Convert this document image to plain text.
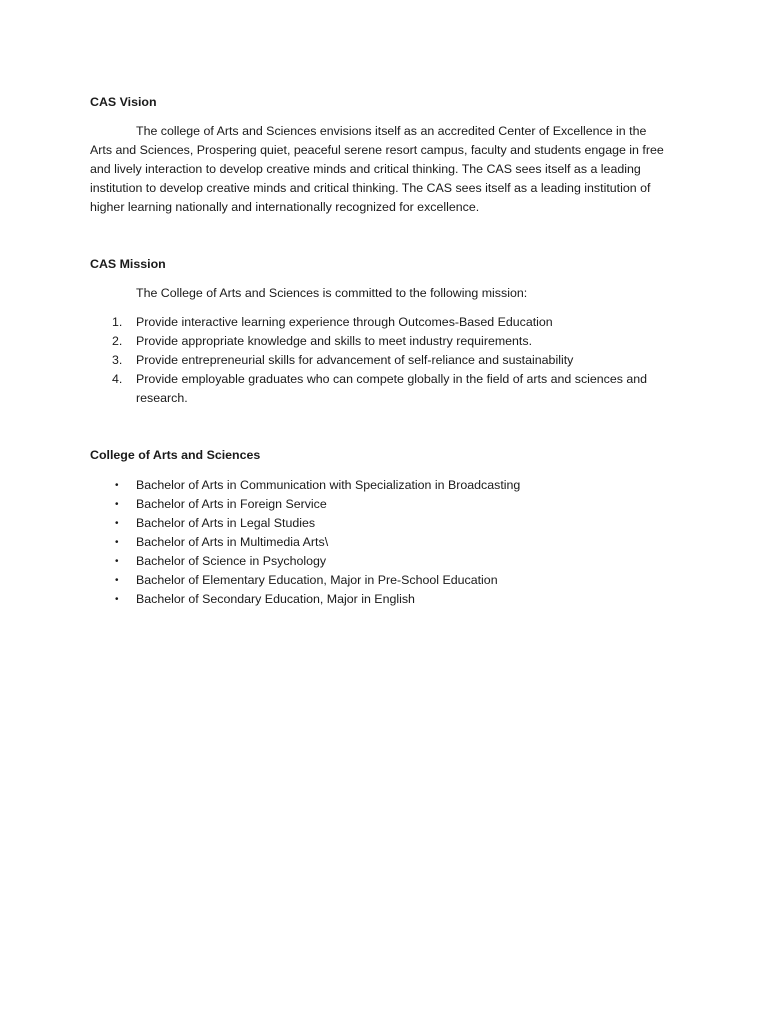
CAS Vision

The college of Arts and Sciences envisions itself as an accredited Center of Excellence in the Arts and Sciences, Prospering quiet, peaceful serene resort campus, faculty and students engage in free and lively interaction to develop creative minds and critical thinking. The CAS sees itself as a leading institution to develop creative minds and critical thinking. The CAS sees itself as a leading institution of higher learning nationally and internationally recognized for excellence.

CAS Mission

The College of Arts and Sciences is committed to the following mission:

1.	Provide interactive learning experience through Outcomes-Based Education
2.	Provide appropriate knowledge and skills to meet industry requirements.
3.	Provide entrepreneurial skills for advancement of self-reliance and sustainability
4.	Provide employable graduates who can compete globally in the field of arts and sciences and research.

College of Arts and Sciences

•	Bachelor of Arts in Communication with Specialization in Broadcasting
•	Bachelor of Arts in Foreign Service
•	Bachelor of Arts in Legal Studies
•	Bachelor of Arts in Multimedia Arts\
•	Bachelor of Science in Psychology
•	Bachelor of Elementary Education, Major in Pre-School Education
•	Bachelor of Secondary Education, Major in English
